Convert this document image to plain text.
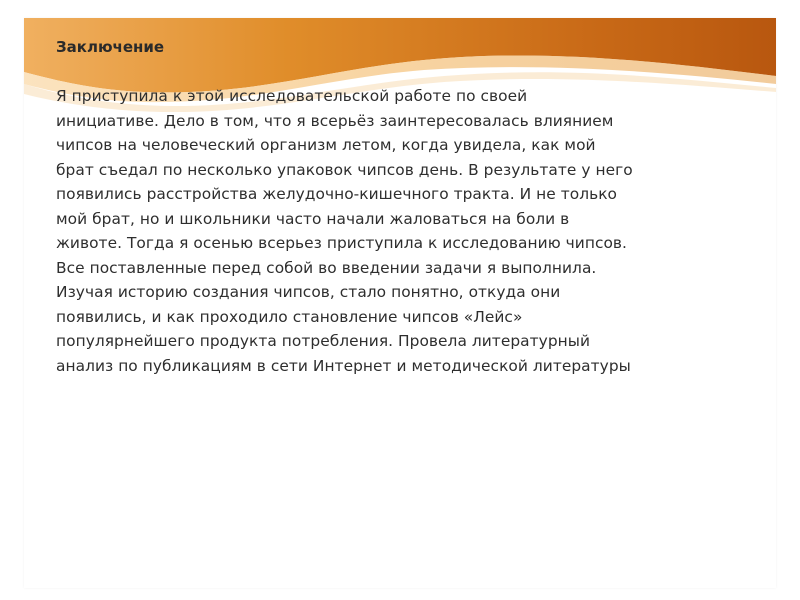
Заключение

Я приступила к этой исследовательской работе по своей
инициативе. Дело в том, что я всерьёз заинтересовалась влиянием
чипсов на человеческий организм летом, когда увидела, как мой
брат съедал по несколько упаковок чипсов день. В результате у него
появились расстройства желудочно-кишечного тракта. И не только
мой брат, но и школьники часто начали жаловаться на боли в
животе. Тогда я осенью всерьез приступила к исследованию чипсов.
Все поставленные перед собой во введении задачи я выполнила.
Изучая историю создания чипсов, стало понятно, откуда они
появились, и как проходило становление чипсов «Лейс»
популярнейшего продукта потребления. Провела литературный
анализ по публикациям в сети Интернет и методической литературы
